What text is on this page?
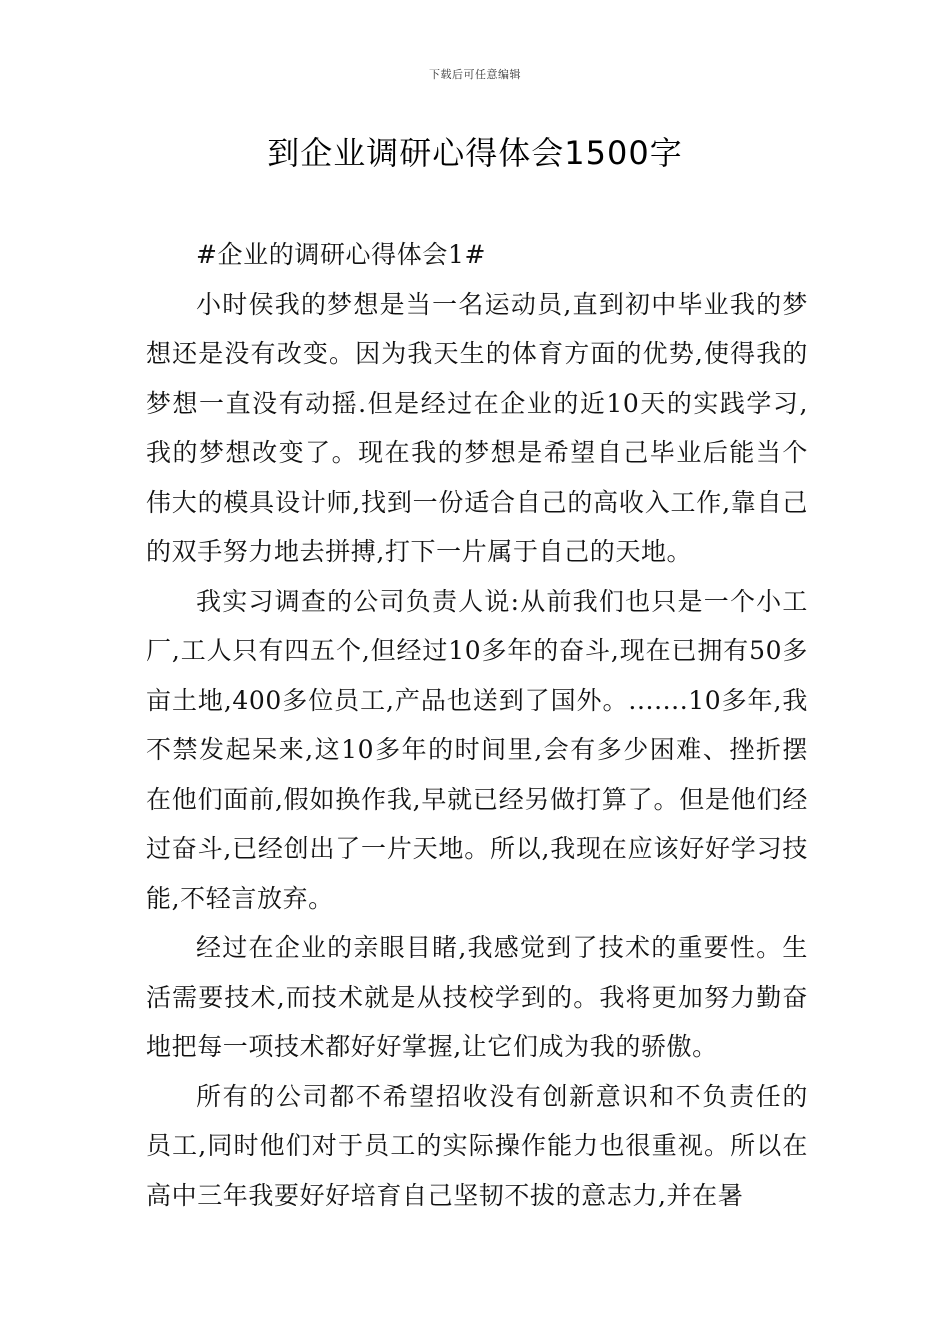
下载后可任意编辑
到企业调研心得体会1500字
#企业的调研心得体会1#

小时侯我的梦想是当一名运动员,直到初中毕业我的梦想还是没有改变。因为我天生的体育方面的优势,使得我的梦想一直没有动摇.但是经过在企业的近10天的实践学习,我的梦想改变了。现在我的梦想是希望自己毕业后能当个伟大的模具设计师,找到一份适合自己的高收入工作,靠自己的双手努力地去拼搏,打下一片属于自己的天地。

我实习调查的公司负责人说:从前我们也只是一个小工厂,工人只有四五个,但经过10多年的奋斗,现在已拥有50多亩土地,400多位员工,产品也送到了国外。.......10多年,我不禁发起呆来,这10多年的时间里,会有多少困难、挫折摆在他们面前,假如换作我,早就已经另做打算了。但是他们经过奋斗,已经创出了一片天地。所以,我现在应该好好学习技能,不轻言放弃。

经过在企业的亲眼目睹,我感觉到了技术的重要性。生活需要技术,而技术就是从技校学到的。我将更加努力勤奋地把每一项技术都好好掌握,让它们成为我的骄傲。

所有的公司都不希望招收没有创新意识和不负责任的员工,同时他们对于员工的实际操作能力也很重视。所以在高中三年我要好好培育自己坚韧不拔的意志力,并在暑
